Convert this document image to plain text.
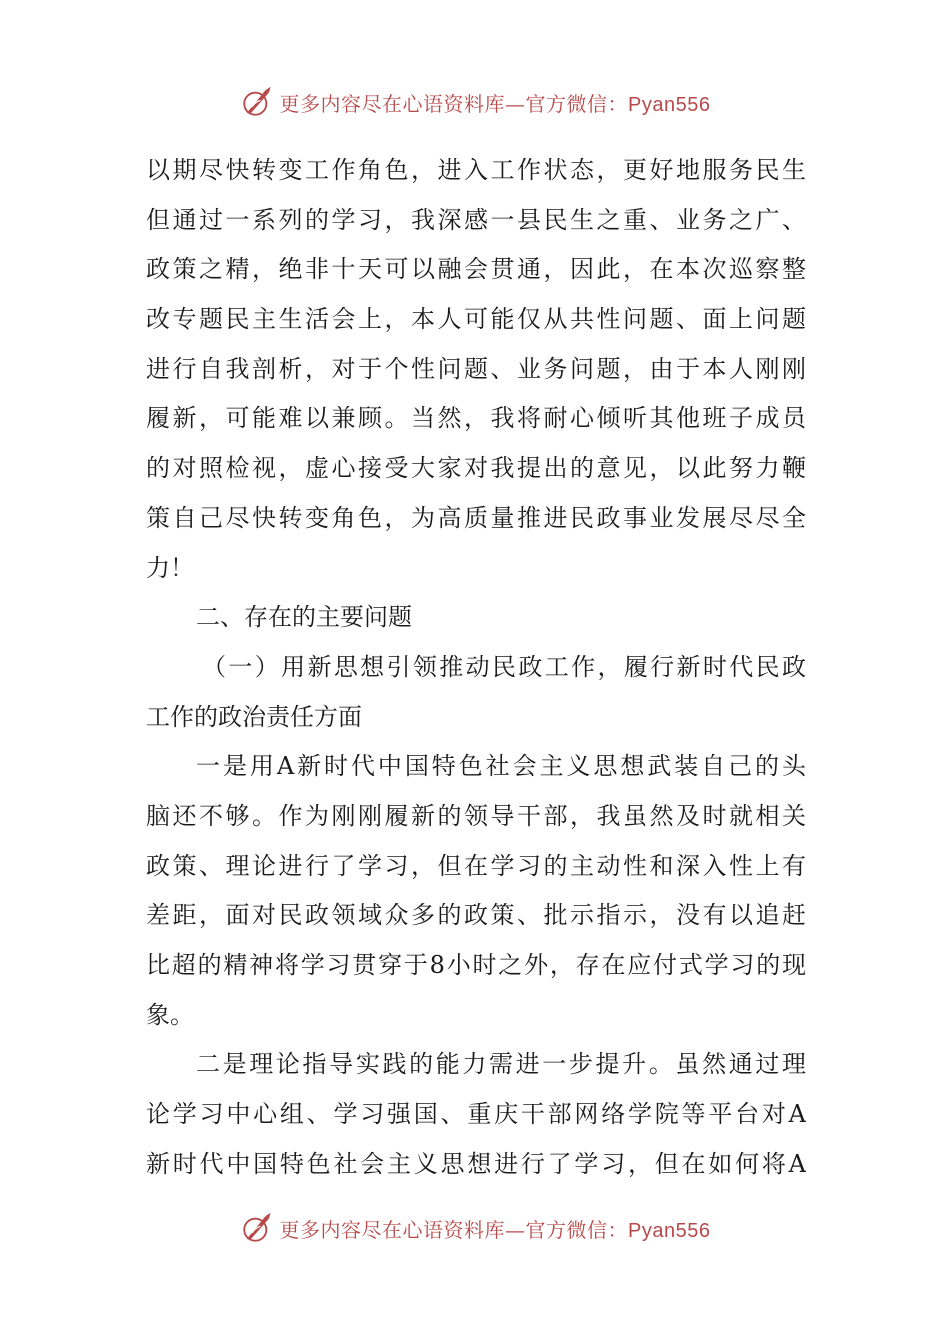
更多内容尽在心语资料库—官方微信：Pyan556
以期尽快转变工作角色，进入工作状态，更好地服务民生
但通过一系列的学习，我深感一县民生之重、业务之广、
政策之精，绝非十天可以融会贯通，因此，在本次巡察整
改专题民主生活会上，本人可能仅从共性问题、面上问题
进行自我剖析，对于个性问题、业务问题，由于本人刚刚
履新，可能难以兼顾。当然，我将耐心倾听其他班子成员
的对照检视，虚心接受大家对我提出的意见，以此努力鞭
策自己尽快转变角色，为高质量推进民政事业发展尽尽全
力！
二、存在的主要问题
（一）用新思想引领推动民政工作，履行新时代民政
工作的政治责任方面
一是用A新时代中国特色社会主义思想武装自己的头
脑还不够。作为刚刚履新的领导干部，我虽然及时就相关
政策、理论进行了学习，但在学习的主动性和深入性上有
差距，面对民政领域众多的政策、批示指示，没有以追赶
比超的精神将学习贯穿于8小时之外，存在应付式学习的现
象。
二是理论指导实践的能力需进一步提升。虽然通过理
论学习中心组、学习强国、重庆干部网络学院等平台对A
新时代中国特色社会主义思想进行了学习，但在如何将A
更多内容尽在心语资料库—官方微信：Pyan556
